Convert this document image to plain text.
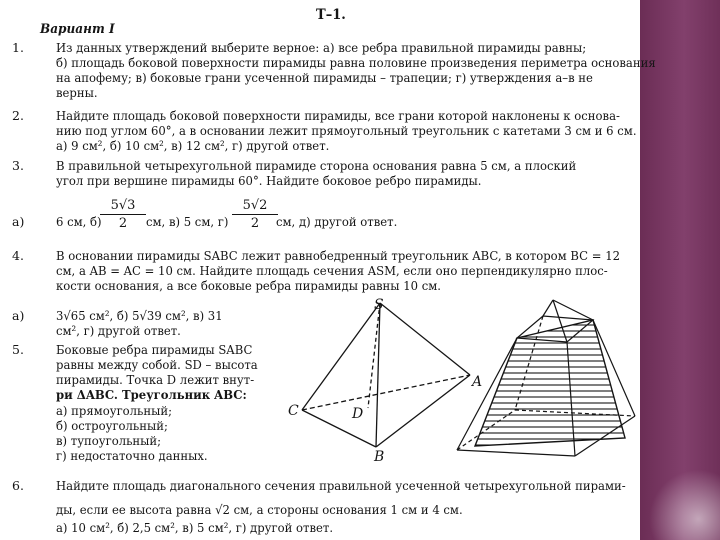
Т–1.
Вариант I
1.	Из данных утверждений выберите верное: а) все ребра правильной пирамиды равны;
б) площадь боковой поверхности пирамиды равна половине произведения периметра основания
на апофему; в) боковые грани усеченной пирамиды – трапеции; г) утверждения а–в не
верны.
2.	Найдите площадь боковой поверхности пирамиды, все грани которой наклонены к основа-
нию под углом 60°, а в основании лежит прямоугольный треугольник с катетами 3 см и 6 см.
а) 9 см², б) 10 см², в) 12 см², г) другой ответ.
3.	В правильной четырехугольной пирамиде сторона основания равна 5 см, а плоский
угол при вершине пирамиды 60°. Найдите боковое ребро пирамиды.
а)	6 см, б)
$\frac{5√3}{2}$ см, в) 5 см, $г) \frac{5√2}{2}$
см, д) другой ответ.
4.	В основании пирамиды SABC лежит равнобедренный треугольник ABC, в котором BC = 12
см, а AB = AC = 10 см. Найдите площадь сечения ASM, если оно перпендикулярно плос-
кости основания, а все боковые ребра пирамиды равны 10 см.
а)	3√65 см², б) 5√39 см², в) 31
см², г) другой ответ.
5.	Боковые ребра пирамиды SABC
равны между собой. SD – высота
пирамиды. Точка D лежит внут-
ри ΔABC. Треугольник ABC:
а) прямоугольный;
б) остроугольный;
в) тупоугольный;
г) недостаточно данных.
S
A
C	D
B
6.	Найдите площадь диагонального сечения правильной усеченной четырехугольной пирами-
ды, если ее высота равна √2 см, а стороны основания 1 см и 4 см.
а) 10 см², б) 2,5 см², в) 5 см², г) другой ответ.
